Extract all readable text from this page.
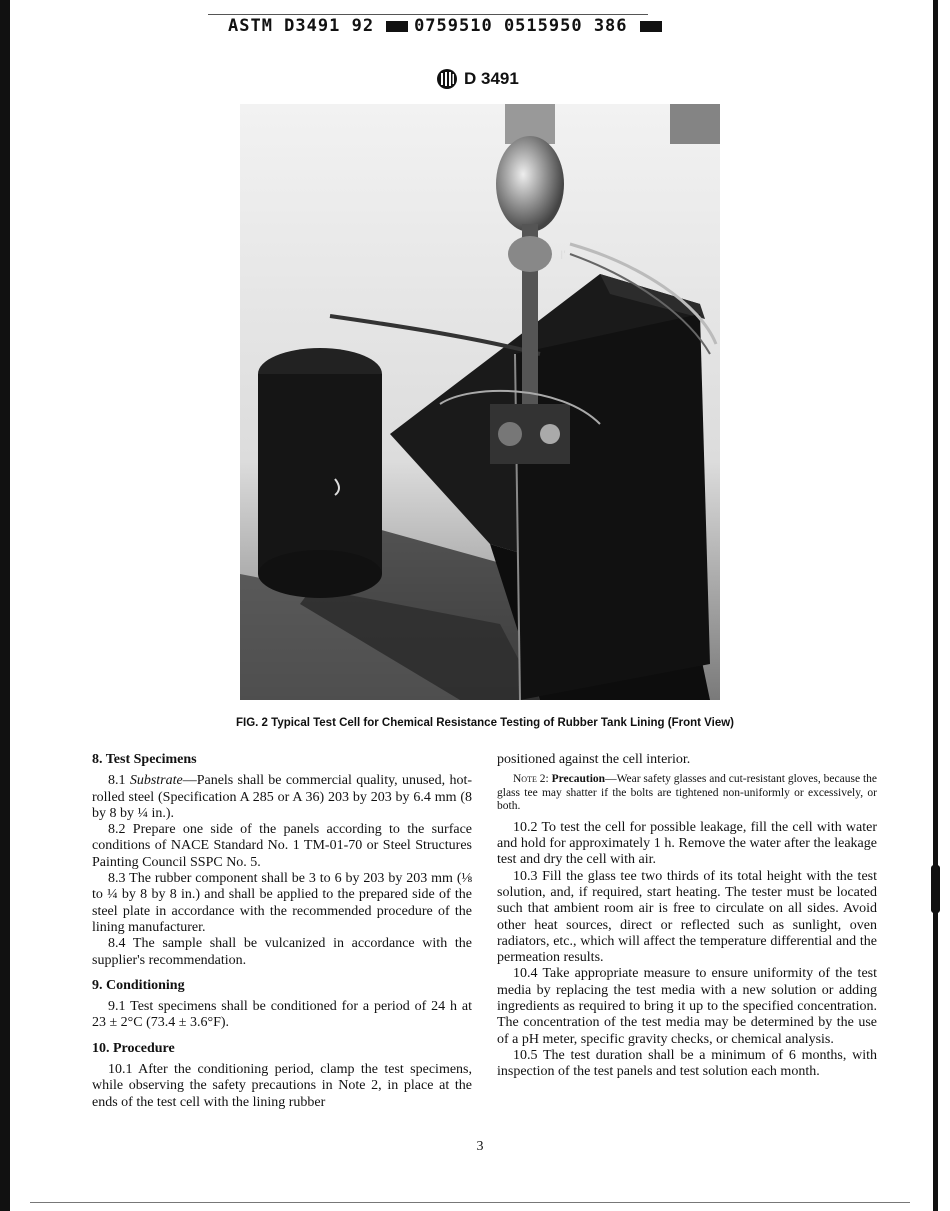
ASTM D3491 92 0759510 0515950 386
D 3491
I'
FIG. 2 Typical Test Cell for Chemical Resistance Testing of Rubber Tank Lining (Front View)
8. Test Specimens

8.1 Substrate—Panels shall be commercial quality, unused, hot-rolled steel (Specification A 285 or A 36) 203 by 203 by 6.4 mm (8 by 8 by ¼ in.).

8.2 Prepare one side of the panels according to the surface conditions of NACE Standard No. 1 TM-01-70 or Steel Structures Painting Council SSPC No. 5.

8.3 The rubber component shall be 3 to 6 by 203 by 203 mm (⅛ to ¼ by 8 by 8 in.) and shall be applied to the prepared side of the steel plate in accordance with the recommended procedure of the lining manufacturer.

8.4 The sample shall be vulcanized in accordance with the supplier's recommendation.

9. Conditioning

9.1 Test specimens shall be conditioned for a period of 24 h at 23 ± 2°C (73.4 ± 3.6°F).

10. Procedure

10.1 After the conditioning period, clamp the test specimens, while observing the safety precautions in Note 2, in place at the ends of the test cell with the lining rubber

positioned against the cell interior.

Note 2: Precaution—Wear safety glasses and cut-resistant gloves, because the glass tee may shatter if the bolts are tightened non-uniformly or excessively, or both.

10.2 To test the cell for possible leakage, fill the cell with water and hold for approximately 1 h. Remove the water after the leakage test and dry the cell with air.

10.3 Fill the glass tee two thirds of its total height with the test solution, and, if required, start heating. The tester must be located such that ambient room air is free to circulate on all sides. Avoid other heat sources, direct or reflected such as sunlight, oven radiators, etc., which will affect the temperature differential and the permeation results.

10.4 Take appropriate measure to ensure uniformity of the test media by replacing the test media with a new solution or adding ingredients as required to bring it up to the specified concentration. The concentration of the test media may be determined by the use of a pH meter, specific gravity checks, or chemical analysis.

10.5 The test duration shall be a minimum of 6 months, with inspection of the test panels and test solution each month.

3
